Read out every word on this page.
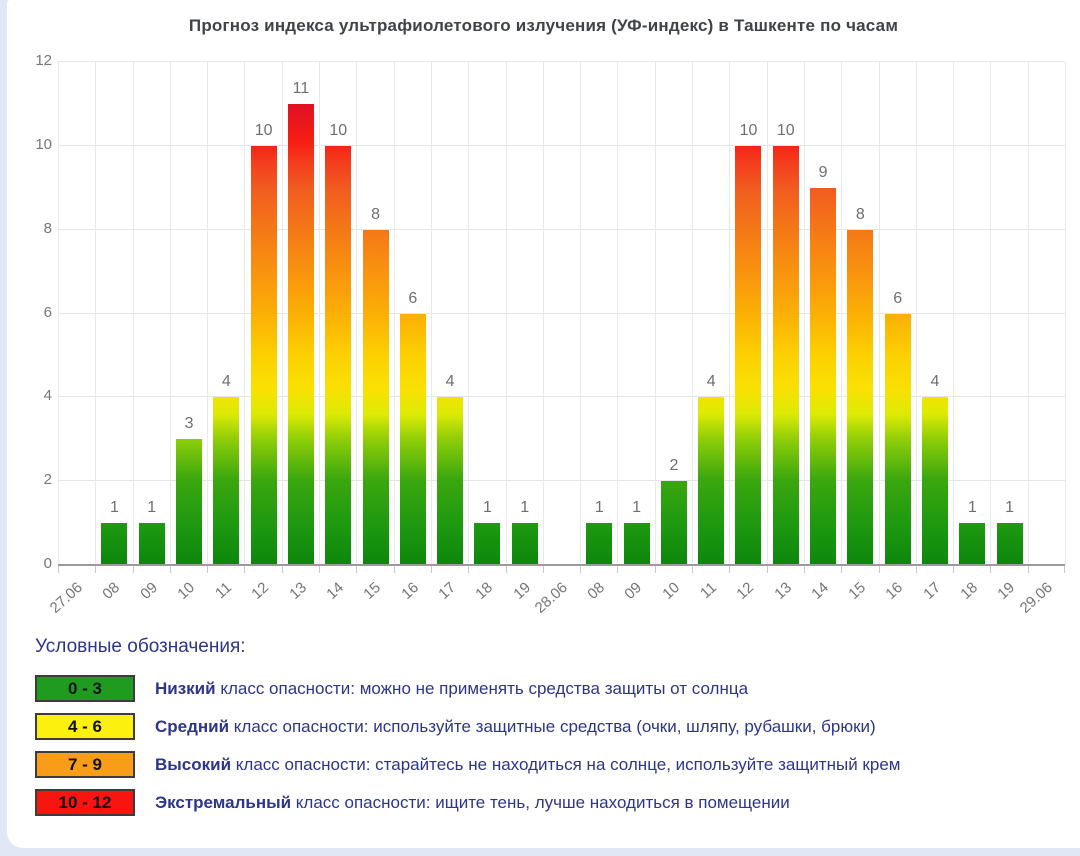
Прогноз индекса ультрафиолетового излучения (УФ-индекс) в Ташкенте по часам
0
2
4
6
8
10
12
1	1
3
4
10
11
10
8
6
4
1	1	1	1
2
4
10	10
9
8
6
4
1	1
27.06 08 09 10 11 12 13 14 15 16 17 18 19
28.06 08 09 10 11 12 13 14 15 16 17 18 19
29.06
Условные обозначения:
0 - 3	Низкий класс опасности: можно не применять средства защиты от солнца
4 - 6	Средний класс опасности: используйте защитные средства (очки, шляпу, рубашки, брюки)
7 - 9	Высокий класс опасности: старайтесь не находиться на солнце, используйте защитный крем
10 - 12	Экстремальный класс опасности: ищите тень, лучше находиться в помещении
